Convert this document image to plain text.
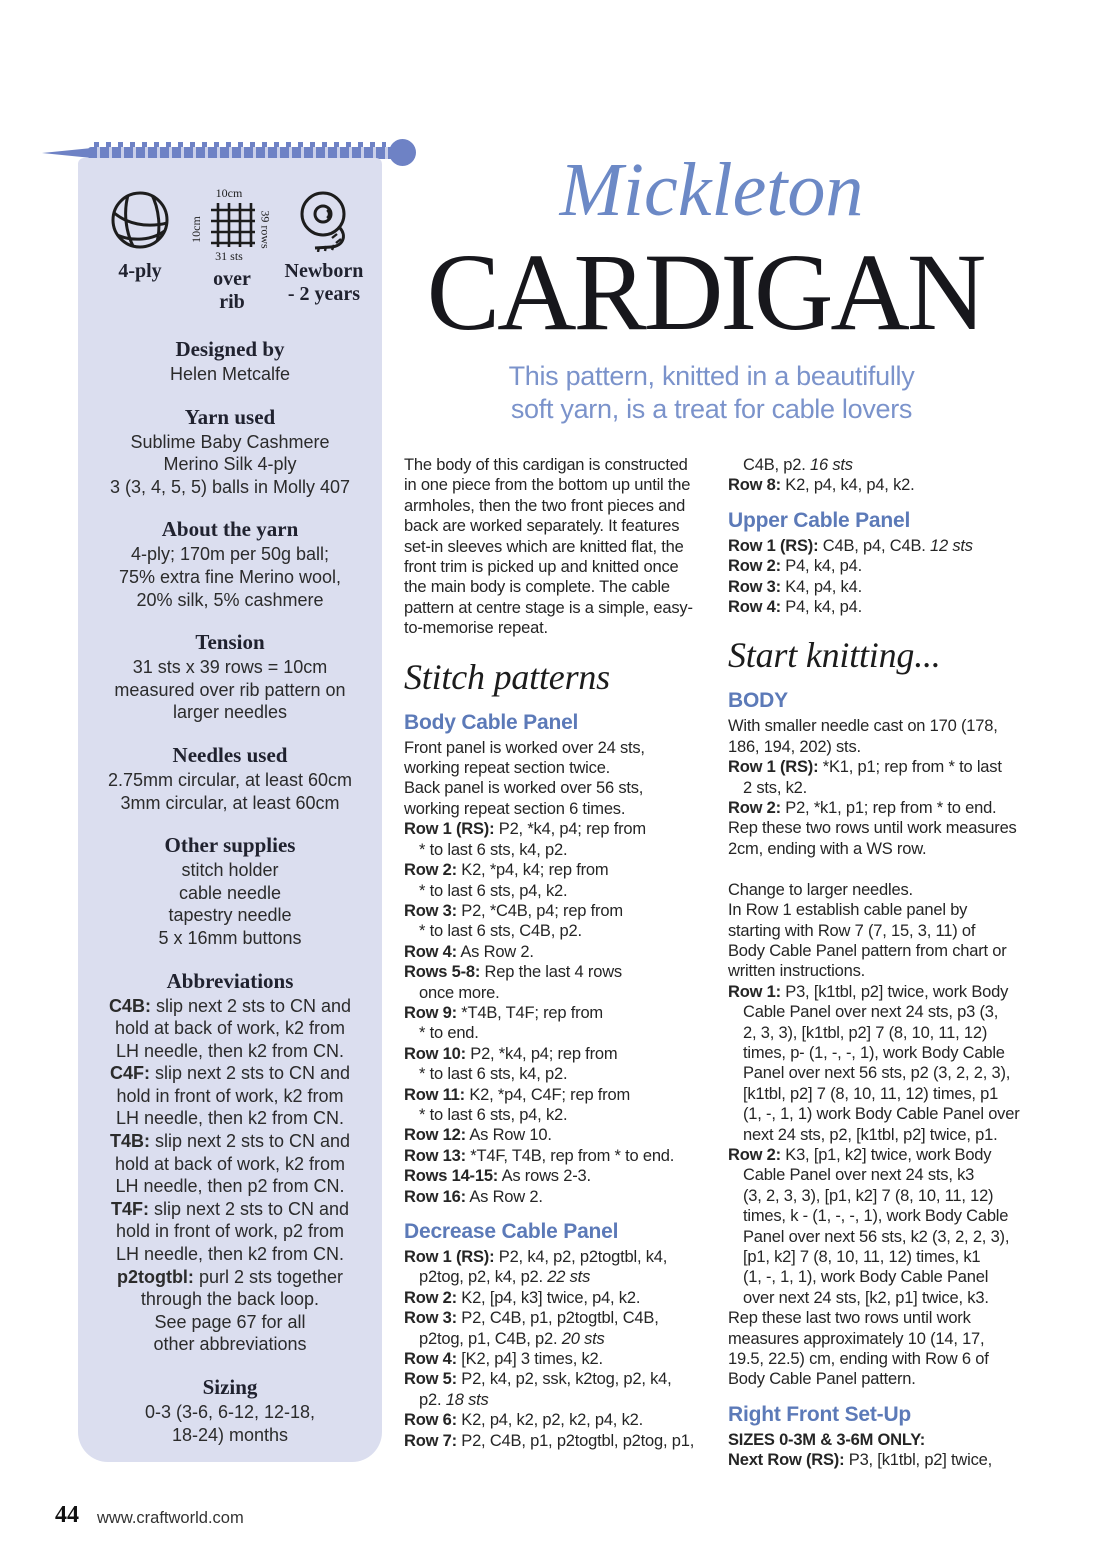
4-ply
10cm
10cm	39 rows
31 sts
over
rib
Newborn
- 2 years
Designed by
Helen Metcalfe
Yarn used
Sublime Baby Cashmere
Merino Silk 4-ply
3 (3, 4, 5, 5) balls in Molly 407
About the yarn
4-ply; 170m per 50g ball;
75% extra fine Merino wool,
20% silk, 5% cashmere
Tension
31 sts x 39 rows = 10cm
measured over rib pattern on
larger needles
Needles used
2.75mm circular, at least 60cm
3mm circular, at least 60cm
Other supplies
stitch holder
cable needle
tapestry needle
5 x 16mm buttons
Abbreviations
C4B: slip next 2 sts to CN and
hold at back of work, k2 from
LH needle, then k2 from CN.
C4F: slip next 2 sts to CN and
hold in front of work, k2 from
LH needle, then k2 from CN.
T4B: slip next 2 sts to CN and
hold at back of work, k2 from
LH needle, then p2 from CN.
T4F: slip next 2 sts to CN and
hold in front of work, p2 from
LH needle, then k2 from CN.
p2togtbl: purl 2 sts together
through the back loop.
See page 67 for all
other abbreviations
Sizing
0-3 (3-6, 6-12, 12-18,
18-24) months
Mickleton
CARDIGAN
This pattern, knitted in a beautifully
soft yarn, is a treat for cable lovers
The body of this cardigan is constructed
in one piece from the bottom up until the
armholes, then the two front pieces and
back are worked separately. It features
set-in sleeves which are knitted flat, the
front trim is picked up and knitted once
the main body is complete. The cable
pattern at centre stage is a simple, easy-
to-memorise repeat.
Stitch patterns
Body Cable Panel
Front panel is worked over 24 sts,
working repeat section twice.
Back panel is worked over 56 sts,
working repeat section 6 times.
Row 1 (RS): P2, *k4, p4; rep from
* to last 6 sts, k4, p2.
Row 2: K2, *p4, k4; rep from
* to last 6 sts, p4, k2.
Row 3: P2, *C4B, p4; rep from
* to last 6 sts, C4B, p2.
Row 4: As Row 2.
Rows 5-8: Rep the last 4 rows
once more.
Row 9: *T4B, T4F; rep from
* to end.
Row 10: P2, *k4, p4; rep from
* to last 6 sts, k4, p2.
Row 11: K2, *p4, C4F; rep from
* to last 6 sts, p4, k2.
Row 12: As Row 10.
Row 13: *T4F, T4B, rep from * to end.
Rows 14-15: As rows 2-3.
Row 16: As Row 2.
Decrease Cable Panel
Row 1 (RS): P2, k4, p2, p2togtbl, k4,
p2tog, p2, k4, p2. 22 sts
Row 2: K2, [p4, k3] twice, p4, k2.
Row 3: P2, C4B, p1, p2togtbl, C4B,
p2tog, p1, C4B, p2. 20 sts
Row 4: [K2, p4] 3 times, k2.
Row 5: P2, k4, p2, ssk, k2tog, p2, k4,
p2. 18 sts
Row 6: K2, p4, k2, p2, k2, p4, k2.
Row 7: P2, C4B, p1, p2togtbl, p2tog, p1,
C4B, p2. 16 sts
Row 8: K2, p4, k4, p4, k2.
Upper Cable Panel
Row 1 (RS): C4B, p4, C4B. 12 sts
Row 2: P4, k4, p4.
Row 3: K4, p4, k4.
Row 4: P4, k4, p4.
Start knitting...
BODY
With smaller needle cast on 170 (178,
186, 194, 202) sts.
Row 1 (RS): *K1, p1; rep from * to last
2 sts, k2.
Row 2: P2, *k1, p1; rep from * to end.
Rep these two rows until work measures
2cm, ending with a WS row.

Change to larger needles.
In Row 1 establish cable panel by
starting with Row 7 (7, 15, 3, 11) of
Body Cable Panel pattern from chart or
written instructions.
Row 1: P3, [k1tbl, p2] twice, work Body
Cable Panel over next 24 sts, p3 (3,
2, 3, 3), [k1tbl, p2] 7 (8, 10, 11, 12)
times, p- (1, -, -, 1), work Body Cable
Panel over next 56 sts, p2 (3, 2, 2, 3),
[k1tbl, p2] 7 (8, 10, 11, 12) times, p1
(1, -, 1, 1) work Body Cable Panel over
next 24 sts, p2, [k1tbl, p2] twice, p1.
Row 2: K3, [p1, k2] twice, work Body
Cable Panel over next 24 sts, k3
(3, 2, 3, 3), [p1, k2] 7 (8, 10, 11, 12)
times, k - (1, -, -, 1), work Body Cable
Panel over next 56 sts, k2 (3, 2, 2, 3),
[p1, k2] 7 (8, 10, 11, 12) times, k1
(1, -, 1, 1), work Body Cable Panel
over next 24 sts, [k2, p1] twice, k3.
Rep these last two rows until work
measures approximately 10 (14, 17,
19.5, 22.5) cm, ending with Row 6 of
Body Cable Panel pattern.
Right Front Set-Up
SIZES 0-3M & 3-6M ONLY:
Next Row (RS): P3, [k1tbl, p2] twice,
44 www.craftworld.com
